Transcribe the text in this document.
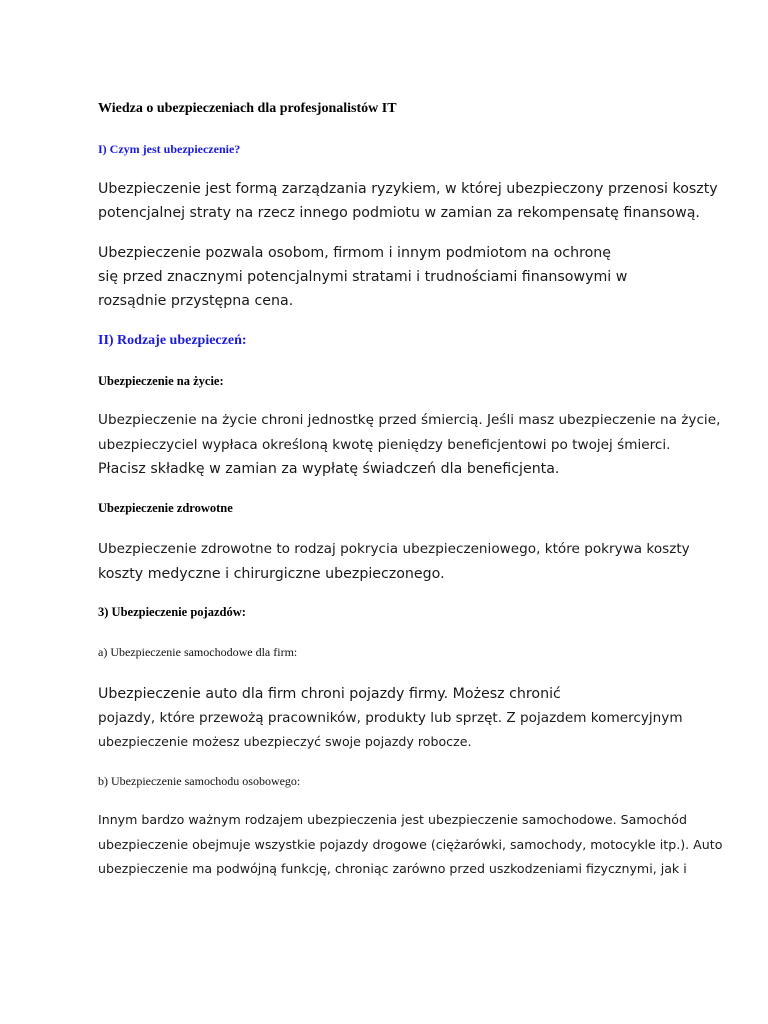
Wiedza o ubezpieczeniach dla profesjonalistów IT
I) Czym jest ubezpieczenie?
Ubezpieczenie jest formą zarządzania ryzykiem, w której ubezpieczony przenosi koszty
potencjalnej straty na rzecz innego podmiotu w zamian za rekompensatę finansową.
Ubezpieczenie pozwala osobom, firmom i innym podmiotom na ochronę
się przed znacznymi potencjalnymi stratami i trudnościami finansowymi w
rozsądnie przystępna cena.
II) Rodzaje ubezpieczeń:
Ubezpieczenie na życie:
Ubezpieczenie na życie chroni jednostkę przed śmiercią. Jeśli masz ubezpieczenie na życie,
ubezpieczyciel wypłaca określoną kwotę pieniędzy beneficjentowi po twojej śmierci.
Płacisz składkę w zamian za wypłatę świadczeń dla beneficjenta.
Ubezpieczenie zdrowotne
Ubezpieczenie zdrowotne to rodzaj pokrycia ubezpieczeniowego, które pokrywa koszty
koszty medyczne i chirurgiczne ubezpieczonego.
3) Ubezpieczenie pojazdów:
a) Ubezpieczenie samochodowe dla firm:
Ubezpieczenie auto dla firm chroni pojazdy firmy. Możesz chronić
pojazdy, które przewożą pracowników, produkty lub sprzęt. Z pojazdem komercyjnym
ubezpieczenie możesz ubezpieczyć swoje pojazdy robocze.
b) Ubezpieczenie samochodu osobowego:
Innym bardzo ważnym rodzajem ubezpieczenia jest ubezpieczenie samochodowe. Samochód
ubezpieczenie obejmuje wszystkie pojazdy drogowe (ciężarówki, samochody, motocykle itp.). Auto
ubezpieczenie ma podwójną funkcję, chroniąc zarówno przed uszkodzeniami fizycznymi, jak i
